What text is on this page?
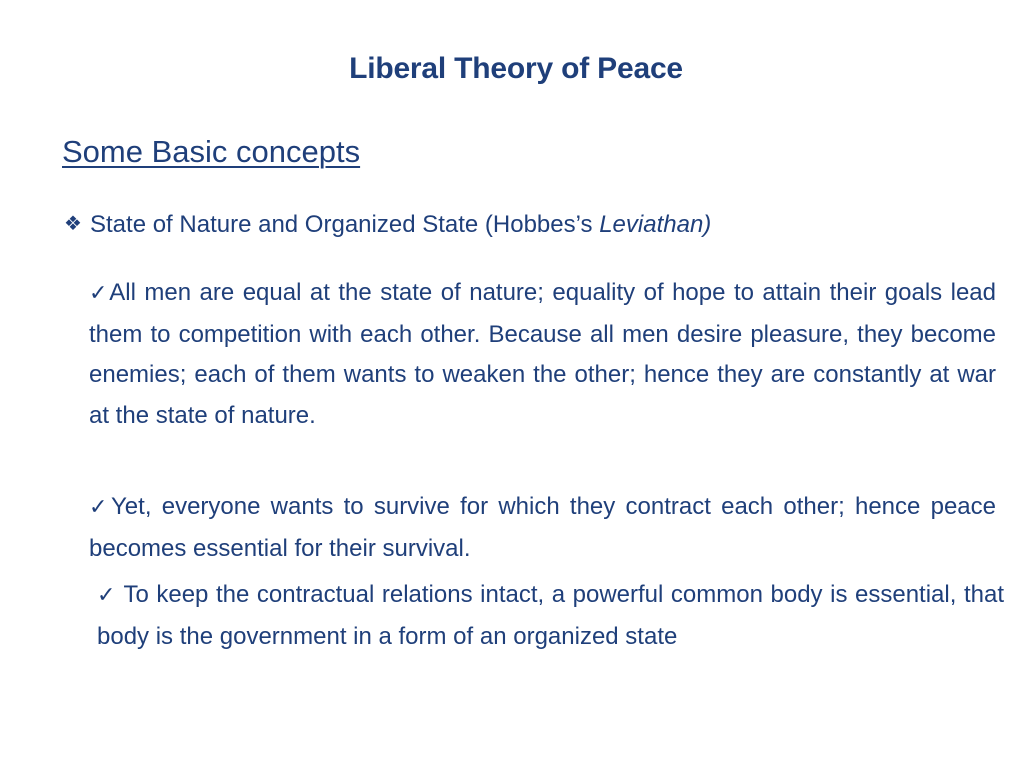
Liberal Theory of Peace
Some Basic concepts
❖ State of Nature and Organized State (Hobbes’s Leviathan)
✓All men are equal at the state of nature; equality of hope to attain their goals lead them to competition with each other. Because all men desire pleasure, they become enemies; each of them wants to weaken the other; hence they are constantly at war at the state of nature.
✓Yet, everyone wants to survive for which they contract each other; hence peace becomes essential for their survival.
✓ To keep the contractual relations intact, a powerful common body is essential, that body is the government in a form of an organized state
